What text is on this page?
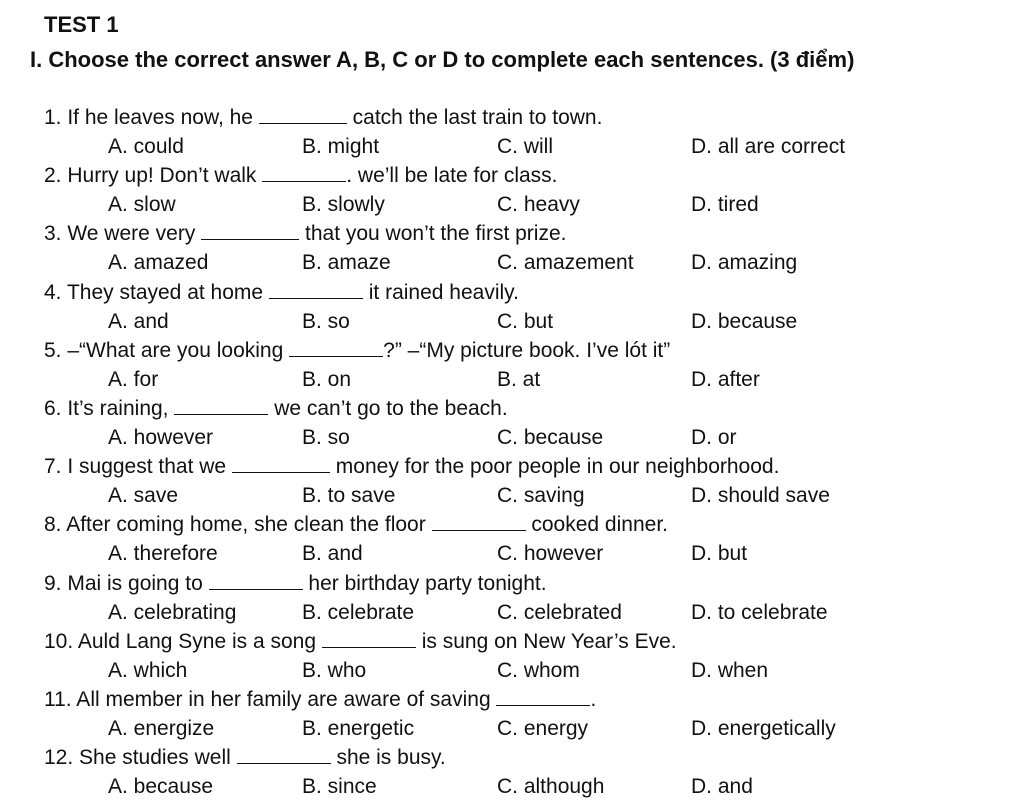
TEST 1
I. Choose the correct answer A, B, C or D to complete each sentences. (3 điểm)
1. If he leaves now, he	catch the last train to town.
A. could	B. might	C. will	D. all are correct
2. Hurry up! Don’t walk	. we’ll be late for class.
A. slow	B. slowly	C. heavy	D. tired
3. We were very	that you won’t the first prize.
A. amazed	B. amaze	C. amazement	D. amazing
4. They stayed at home	it rained heavily.
A. and	B. so	C. but	D. because
5. –“What are you looking	?” –“My picture book. I’ve lót it”
A. for	B. on	B. at	D. after
6. It’s raining,	we can’t go to the beach.
A. however	B. so	C. because	D. or
7. I suggest that we	money for the poor people in our neighborhood.
A. save	B. to save	C. saving	D. should save
8. After coming home, she clean the floor	cooked dinner.
A. therefore	B. and	C. however	D. but
9. Mai is going to	her birthday party tonight.
A. celebrating	B. celebrate	C. celebrated	D. to celebrate
10. Auld Lang Syne is a song	is sung on New Year’s Eve.
A. which	B. who	C. whom	D. when
11. All member in her family are aware of saving	.
A. energize	B. energetic	C. energy	D. energetically
12. She studies well	she is busy.
A. because	B. since	C. although	D. and
